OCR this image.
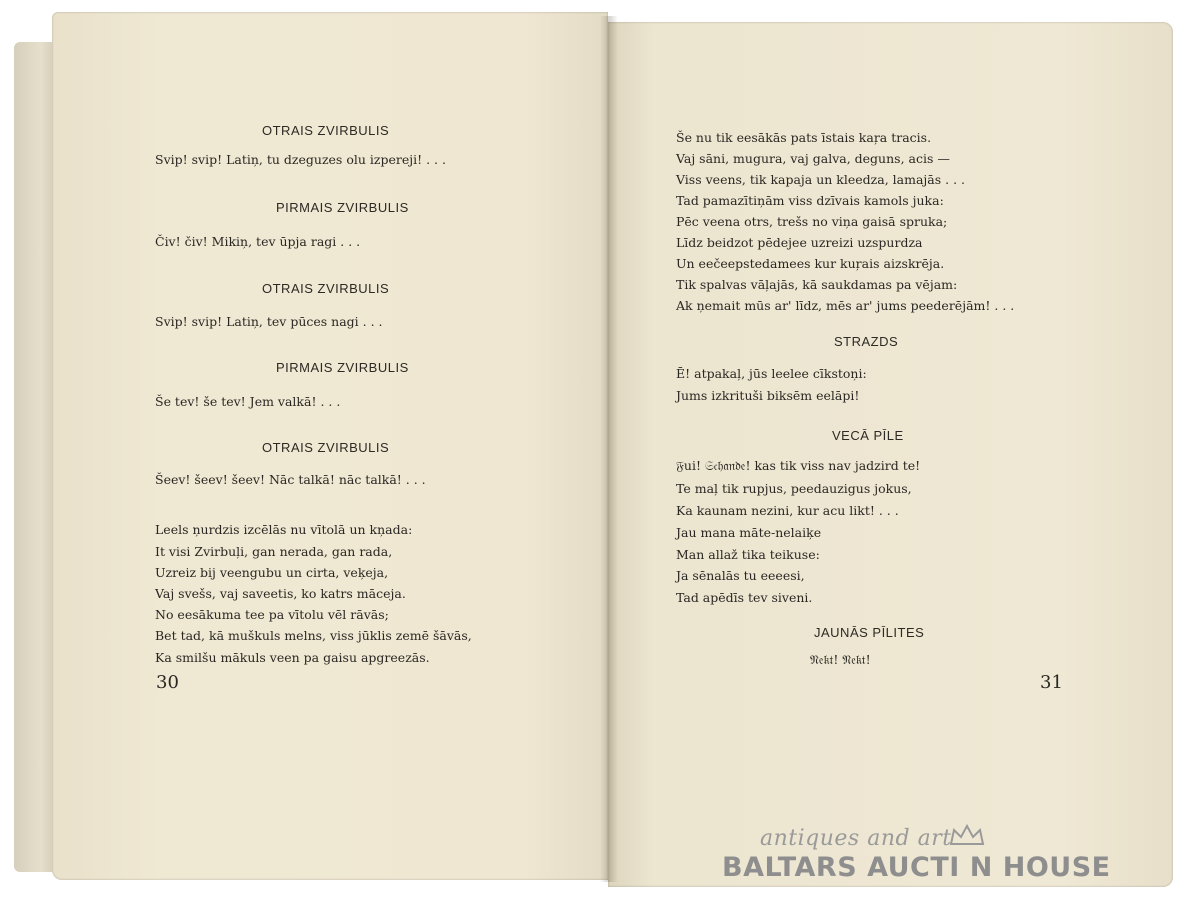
OTRAIS ZVIRBULIS
Svip! svip! Latiņ, tu dzeguzes olu izpereji! . . .
PIRMAIS ZVIRBULIS
Čiv! čiv! Mikiņ, tev ūpja ragi . . .
OTRAIS ZVIRBULIS
Svip! svip! Latiņ, tev pūces nagi . . .
PIRMAIS ZVIRBULIS
Še tev! še tev! Jem valkā! . . .
OTRAIS ZVIRBULIS
Šeev! šeev! šeev! Nāc talkā! nāc talkā! . . .
Leels ņurdzis izcēlās nu vītolā un kņada:
It visi Zvirbuļi, gan nerada, gan rada,
Uzreiz bij veengubu un cirta, veķeja,
Vaj svešs, vaj saveetis, ko katrs māceja.
No eesākuma tee pa vītolu vēl rāvās;
Bet tad, kā muškuls melns, viss jūklis zemē šāvās,
Ka smilšu mākuls veen pa gaisu apgreezās.
30
Še nu tik eesākās pats īstais kaŗa tracis.
Vaj sāni, mugura, vaj galva, deguns, acis —
Viss veens, tik kapaja un kleedza, lamajās . . .
Tad pamazītiņām viss dzīvais kamols juka:
Pēc veena otrs, trešs no viņa gaisā spruka;
Līdz beidzot pēdejee uzreizi uzspurdza
Un eečeepstedamees kur kuŗais aizskrēja.
Tik spalvas vāļajās, kā saukdamas pa vējam:
Ak ņemait mūs ar' līdz, mēs ar' jums peederējām! . . .
STRAZDS
Ē! atpakaļ, jūs leelee cīkstoņi:
Jums izkrituši biksēm eelāpi!
VECĀ PĪLE
𝔉ui! 𝔖𝔠𝔥𝔞𝔫𝔡𝔢! kas tik viss nav jadzird te!
Te maļ tik rupjus, peedauzigus jokus,
Ka kaunam nezini, kur acu likt! . . .
Jau mana māte-nelaiķe
Man allaž tika teikuse:
Ja sēnalās tu eeeesi,
Tad apēdīs tev siveni.
JAUNĀS PĪLITES
𝔑𝔢𝔨𝔱! 𝔑𝔢𝔨𝔱!
31
antiques and art
BALTARS AUCTI N HOUSE
